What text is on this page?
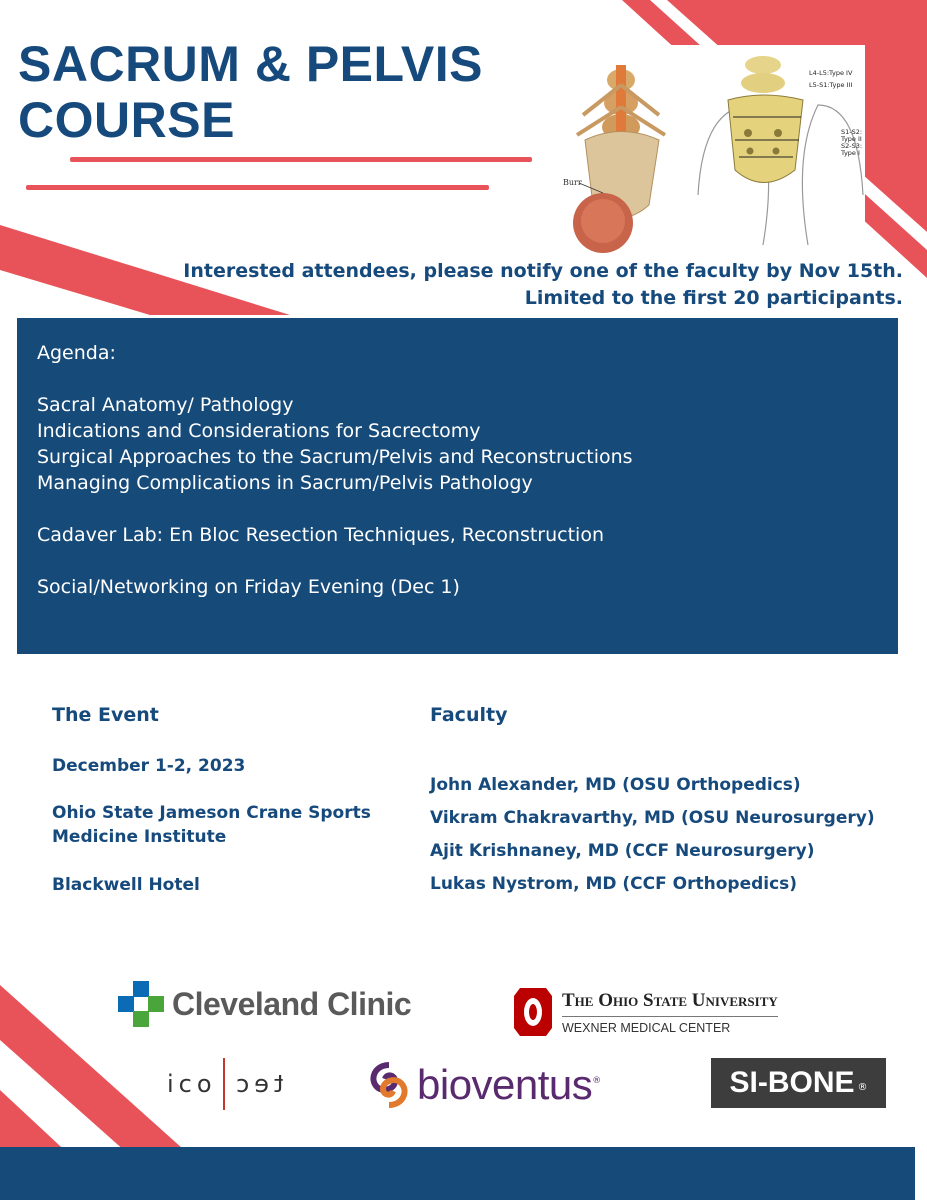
SACRUM & PELVIS
COURSE
Burr
L4-L5:Type IV
L5-S1:Type III
S1-S2:
Type II
S2-S3:
Type I
Interested attendees, please notify one of the faculty by Nov 15th.
Limited to the first 20 participants.
Agenda:
Sacral Anatomy/ Pathology
Indications and Considerations for Sacrectomy
Surgical Approaches to the Sacrum/Pelvis and Reconstructions
Managing Complications in Sacrum/Pelvis Pathology
Cadaver Lab: En Bloc Resection Techniques, Reconstruction
Social/Networking on Friday Evening (Dec 1)
The Event
December 1-2, 2023
Ohio State Jameson Crane Sports
Medicine Institute
Blackwell Hotel
Faculty
John Alexander, MD (OSU Orthopedics)
Vikram Chakravarthy, MD (OSU Neurosurgery)
Ajit Krishnaney, MD (CCF Neurosurgery)
Lukas Nystrom, MD (CCF Orthopedics)
Cleveland Clinic	The Ohio State University
WEXNER MEDICAL CENTER
ico tec	bioventus ®	SI-BONE ®
